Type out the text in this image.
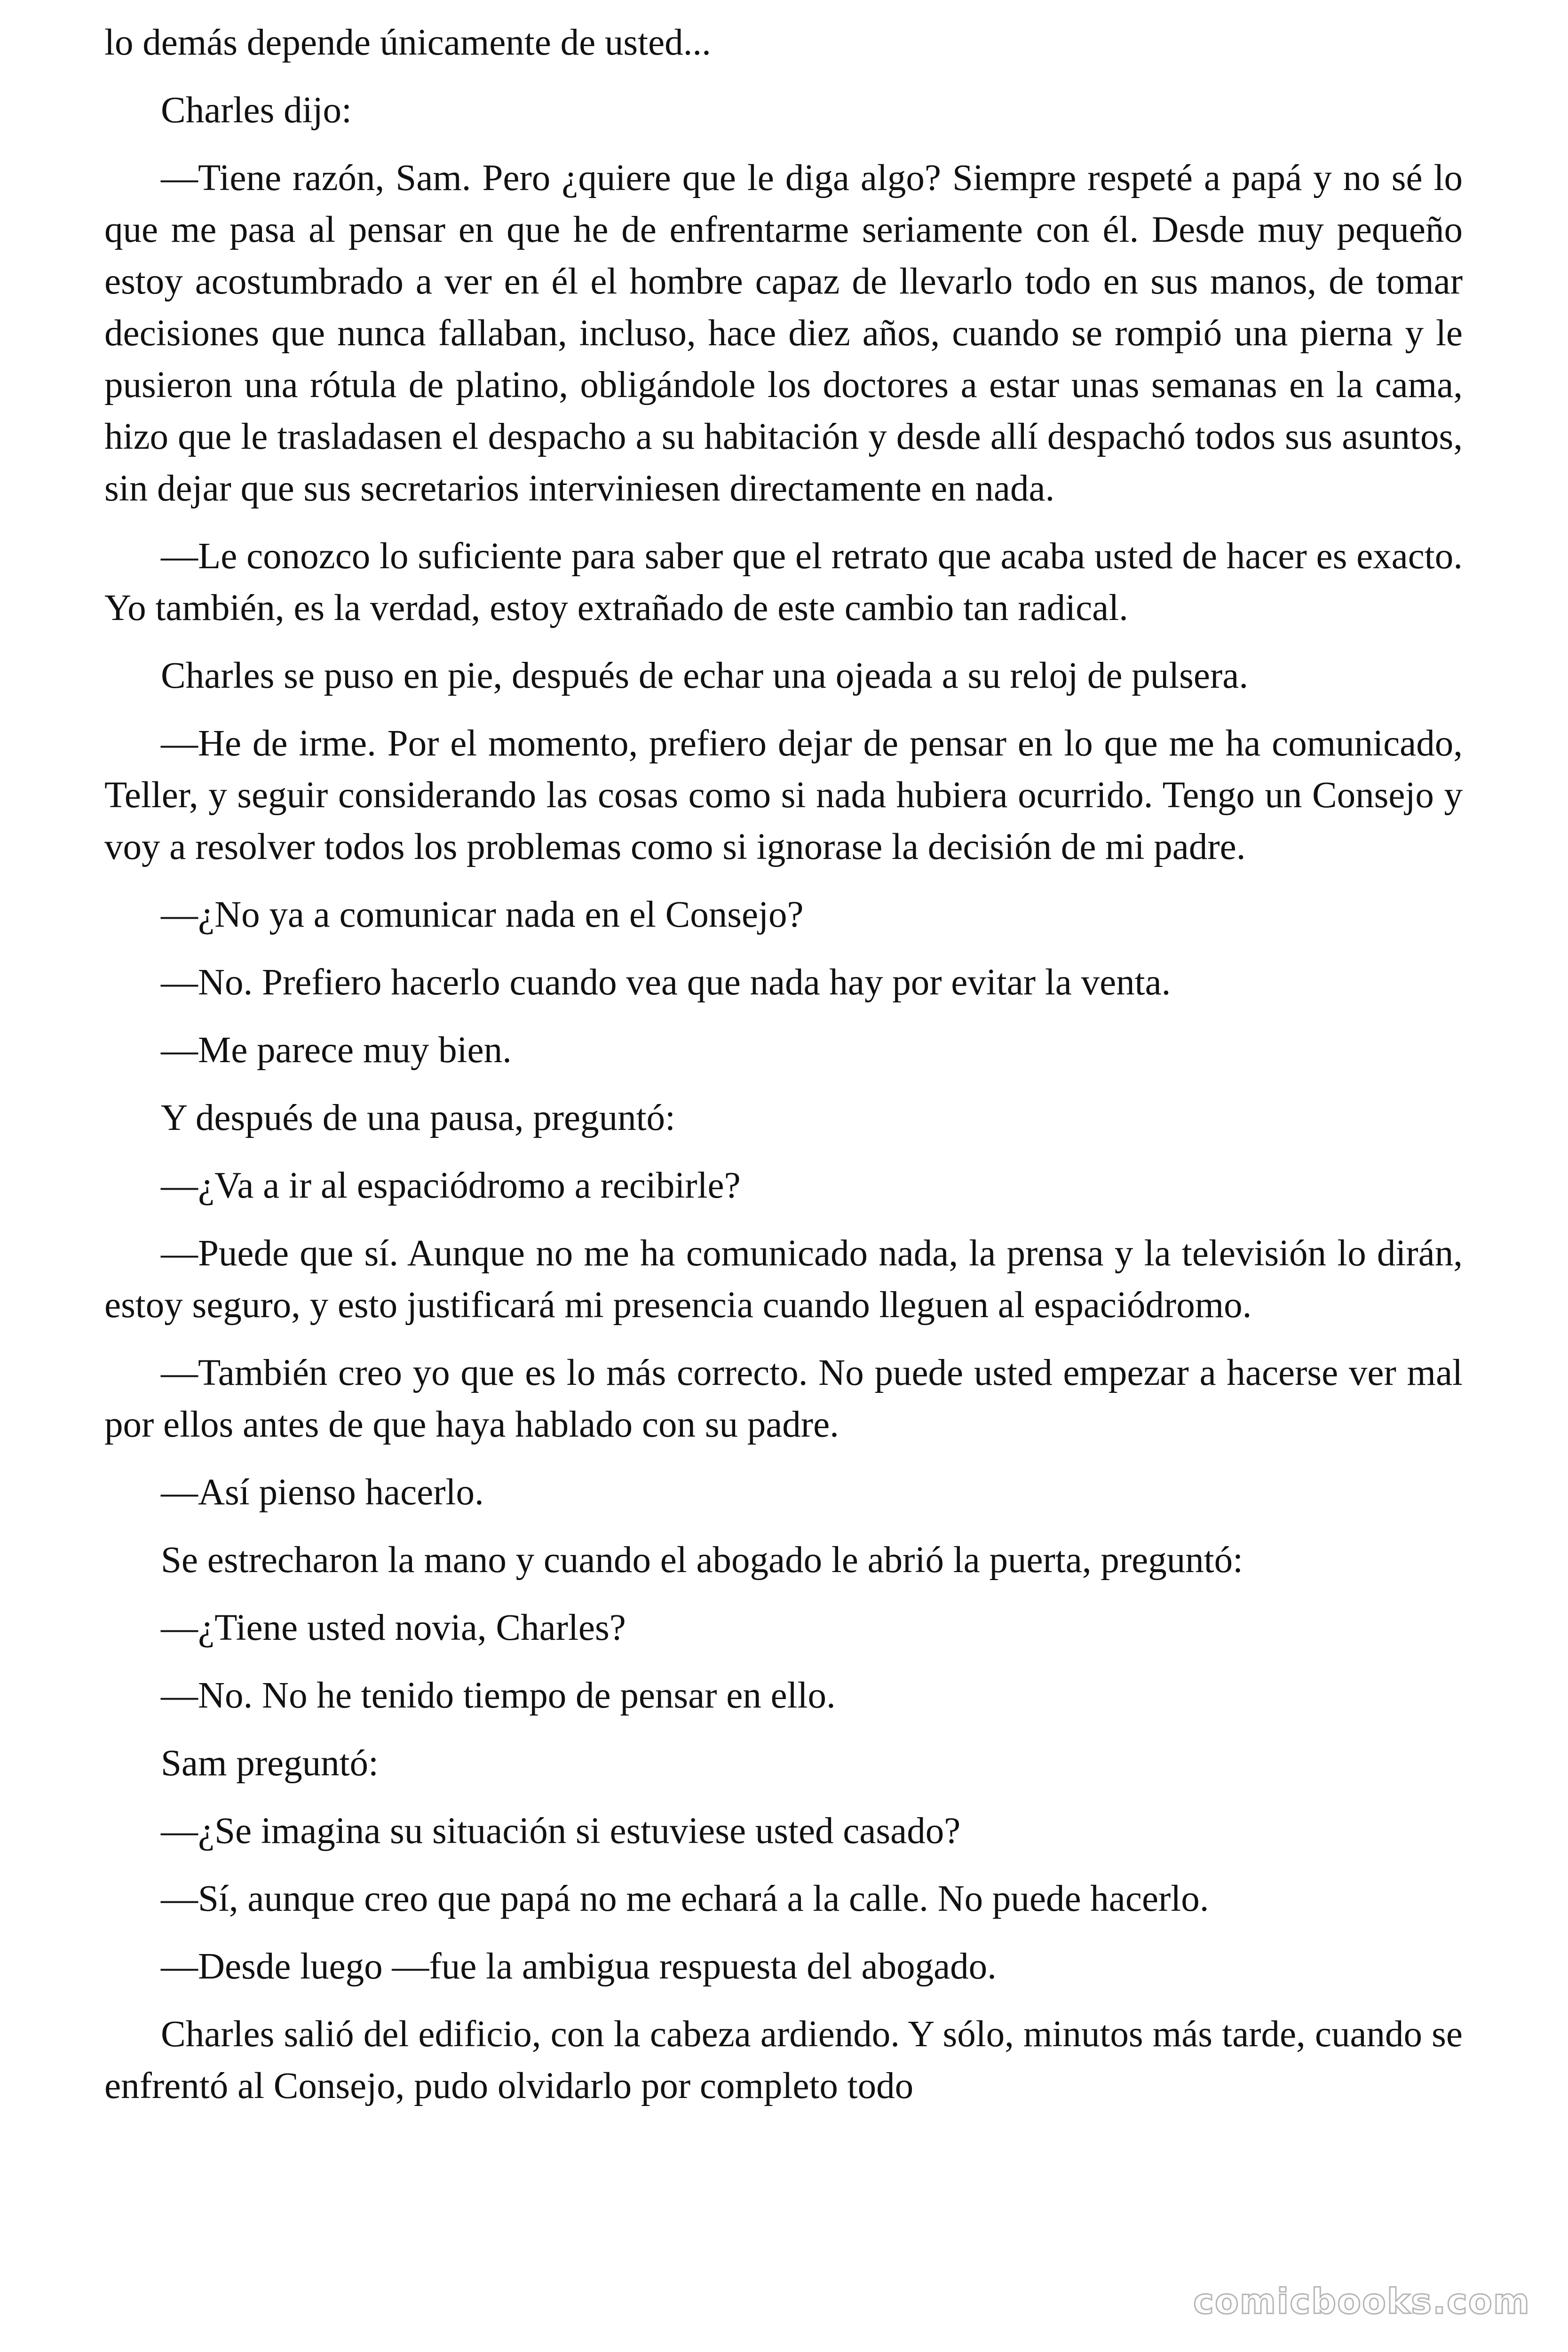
lo demás depende únicamente de usted...

Charles dijo:

—Tiene razón, Sam. Pero ¿quiere que le diga algo? Siempre respeté a papá y no sé lo que me pasa al pensar en que he de enfrentarme seriamente con él. Desde muy pequeño estoy acostumbrado a ver en él el hombre capaz de llevarlo todo en sus manos, de tomar decisiones que nunca fallaban, incluso, hace diez años, cuando se rompió una pierna y le pusieron una rótula de platino, obligándole los doctores a estar unas semanas en la cama, hizo que le trasladasen el despacho a su habitación y desde allí despachó todos sus asuntos, sin dejar que sus secretarios interviniesen directamente en nada.

—Le conozco lo suficiente para saber que el retrato que acaba usted de hacer es exacto. Yo también, es la verdad, estoy extrañado de este cambio tan radical.

Charles se puso en pie, después de echar una ojeada a su reloj de pulsera.

—He de irme. Por el momento, prefiero dejar de pensar en lo que me ha comunicado, Teller, y seguir considerando las cosas como si nada hubiera ocurrido. Tengo un Consejo y voy a resolver todos los problemas como si ignorase la decisión de mi padre.

—¿No ya a comunicar nada en el Consejo?

—No. Prefiero hacerlo cuando vea que nada hay por evitar la venta.

—Me parece muy bien.

Y después de una pausa, preguntó:

—¿Va a ir al espaciódromo a recibirle?

—Puede que sí. Aunque no me ha comunicado nada, la prensa y la televisión lo dirán, estoy seguro, y esto justificará mi presencia cuando lleguen al espaciódromo.

—También creo yo que es lo más correcto. No puede usted empezar a hacerse ver mal por ellos antes de que haya hablado con su padre.

—Así pienso hacerlo.

Se estrecharon la mano y cuando el abogado le abrió la puerta, preguntó:

—¿Tiene usted novia, Charles?

—No. No he tenido tiempo de pensar en ello.

Sam preguntó:

—¿Se imagina su situación si estuviese usted casado?

—Sí, aunque creo que papá no me echará a la calle. No puede hacerlo.

—Desde luego —fue la ambigua respuesta del abogado.

Charles salió del edificio, con la cabeza ardiendo. Y sólo, minutos más tarde, cuando se enfrentó al Consejo, pudo olvidarlo por completo todo

comicbooks.com
